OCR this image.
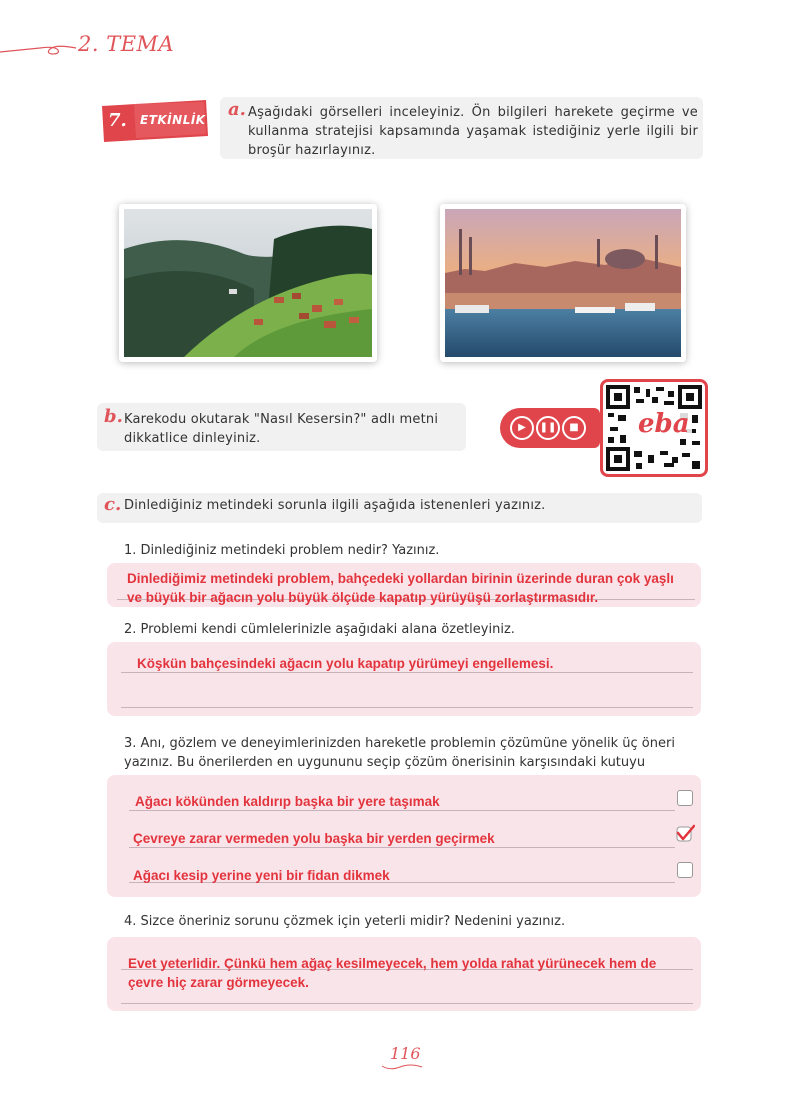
2. TEMA
7. ETKİNLİK a. Aşağıdaki görselleri inceleyiniz. Ön bilgileri harekete geçirme ve kullanma stratejisi kapsamında yaşamak istediğiniz yerle ilgili bir broşür hazırlayınız.
b. Karekodu okutarak "Nasıl Kesersin?" adlı metni dikkatlice dinleyiniz.
▶	❚❚	■ eba
c. Dinlediğiniz metindeki sorunla ilgili aşağıda istenenleri yazınız.
1. Dinlediğiniz metindeki problem nedir? Yazınız.
Dinlediğimiz metindeki problem, bahçedeki yollardan birinin üzerinde duran çok yaşlı ve büyük bir ağacın yolu büyük ölçüde kapatıp yürüyüşü zorlaştırmasıdır.
2. Problemi kendi cümlelerinizle aşağıdaki alana özetleyiniz.
Köşkün bahçesindeki ağacın yolu kapatıp yürümeyi engellemesi.
3. Anı, gözlem ve deneyimlerinizden hareketle problemin çözümüne yönelik üç öneri yazınız. Bu önerilerden en uygununu seçip çözüm önerisinin karşısındaki kutuyu
Ağacı kökünden kaldırıp başka bir yere taşımak
Çevreye zarar vermeden yolu başka bir yerden geçirmek
Ağacı kesip yerine yeni bir fidan dikmek
4. Sizce öneriniz sorunu çözmek için yeterli midir? Nedenini yazınız.
Evet yeterlidir. Çünkü hem ağaç kesilmeyecek, hem yolda rahat yürünecek hem de çevre hiç zarar görmeyecek.
116
